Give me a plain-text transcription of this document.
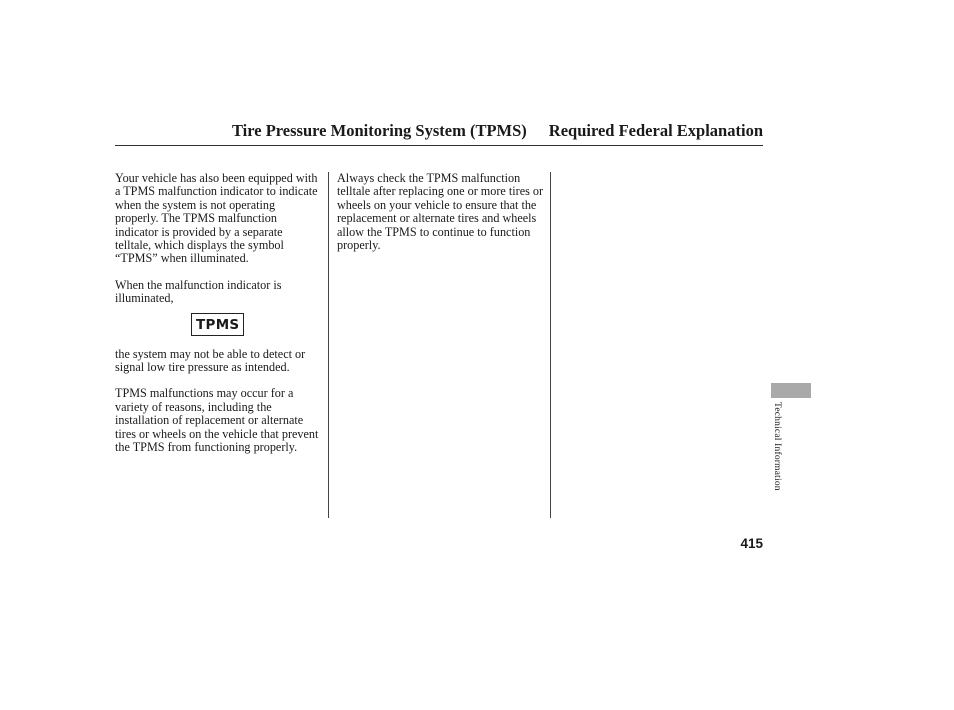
Tire Pressure Monitoring System (TPMS) Required Federal Explanation

Your vehicle has also been equipped with a TPMS malfunction indicator to indicate when the system is not operating properly. The TPMS malfunction indicator is provided by a separate telltale, which displays the symbol “TPMS” when illuminated.

When the malfunction indicator is illuminated,

TPMS

the system may not be able to detect or signal low tire pressure as intended.

TPMS malfunctions may occur for a variety of reasons, including the installation of replacement or alternate tires or wheels on the vehicle that prevent the TPMS from functioning properly.

Always check the TPMS malfunction telltale after replacing one or more tires or wheels on your vehicle to ensure that the replacement or alternate tires and wheels allow the TPMS to continue to function properly.

Technical Information
415
